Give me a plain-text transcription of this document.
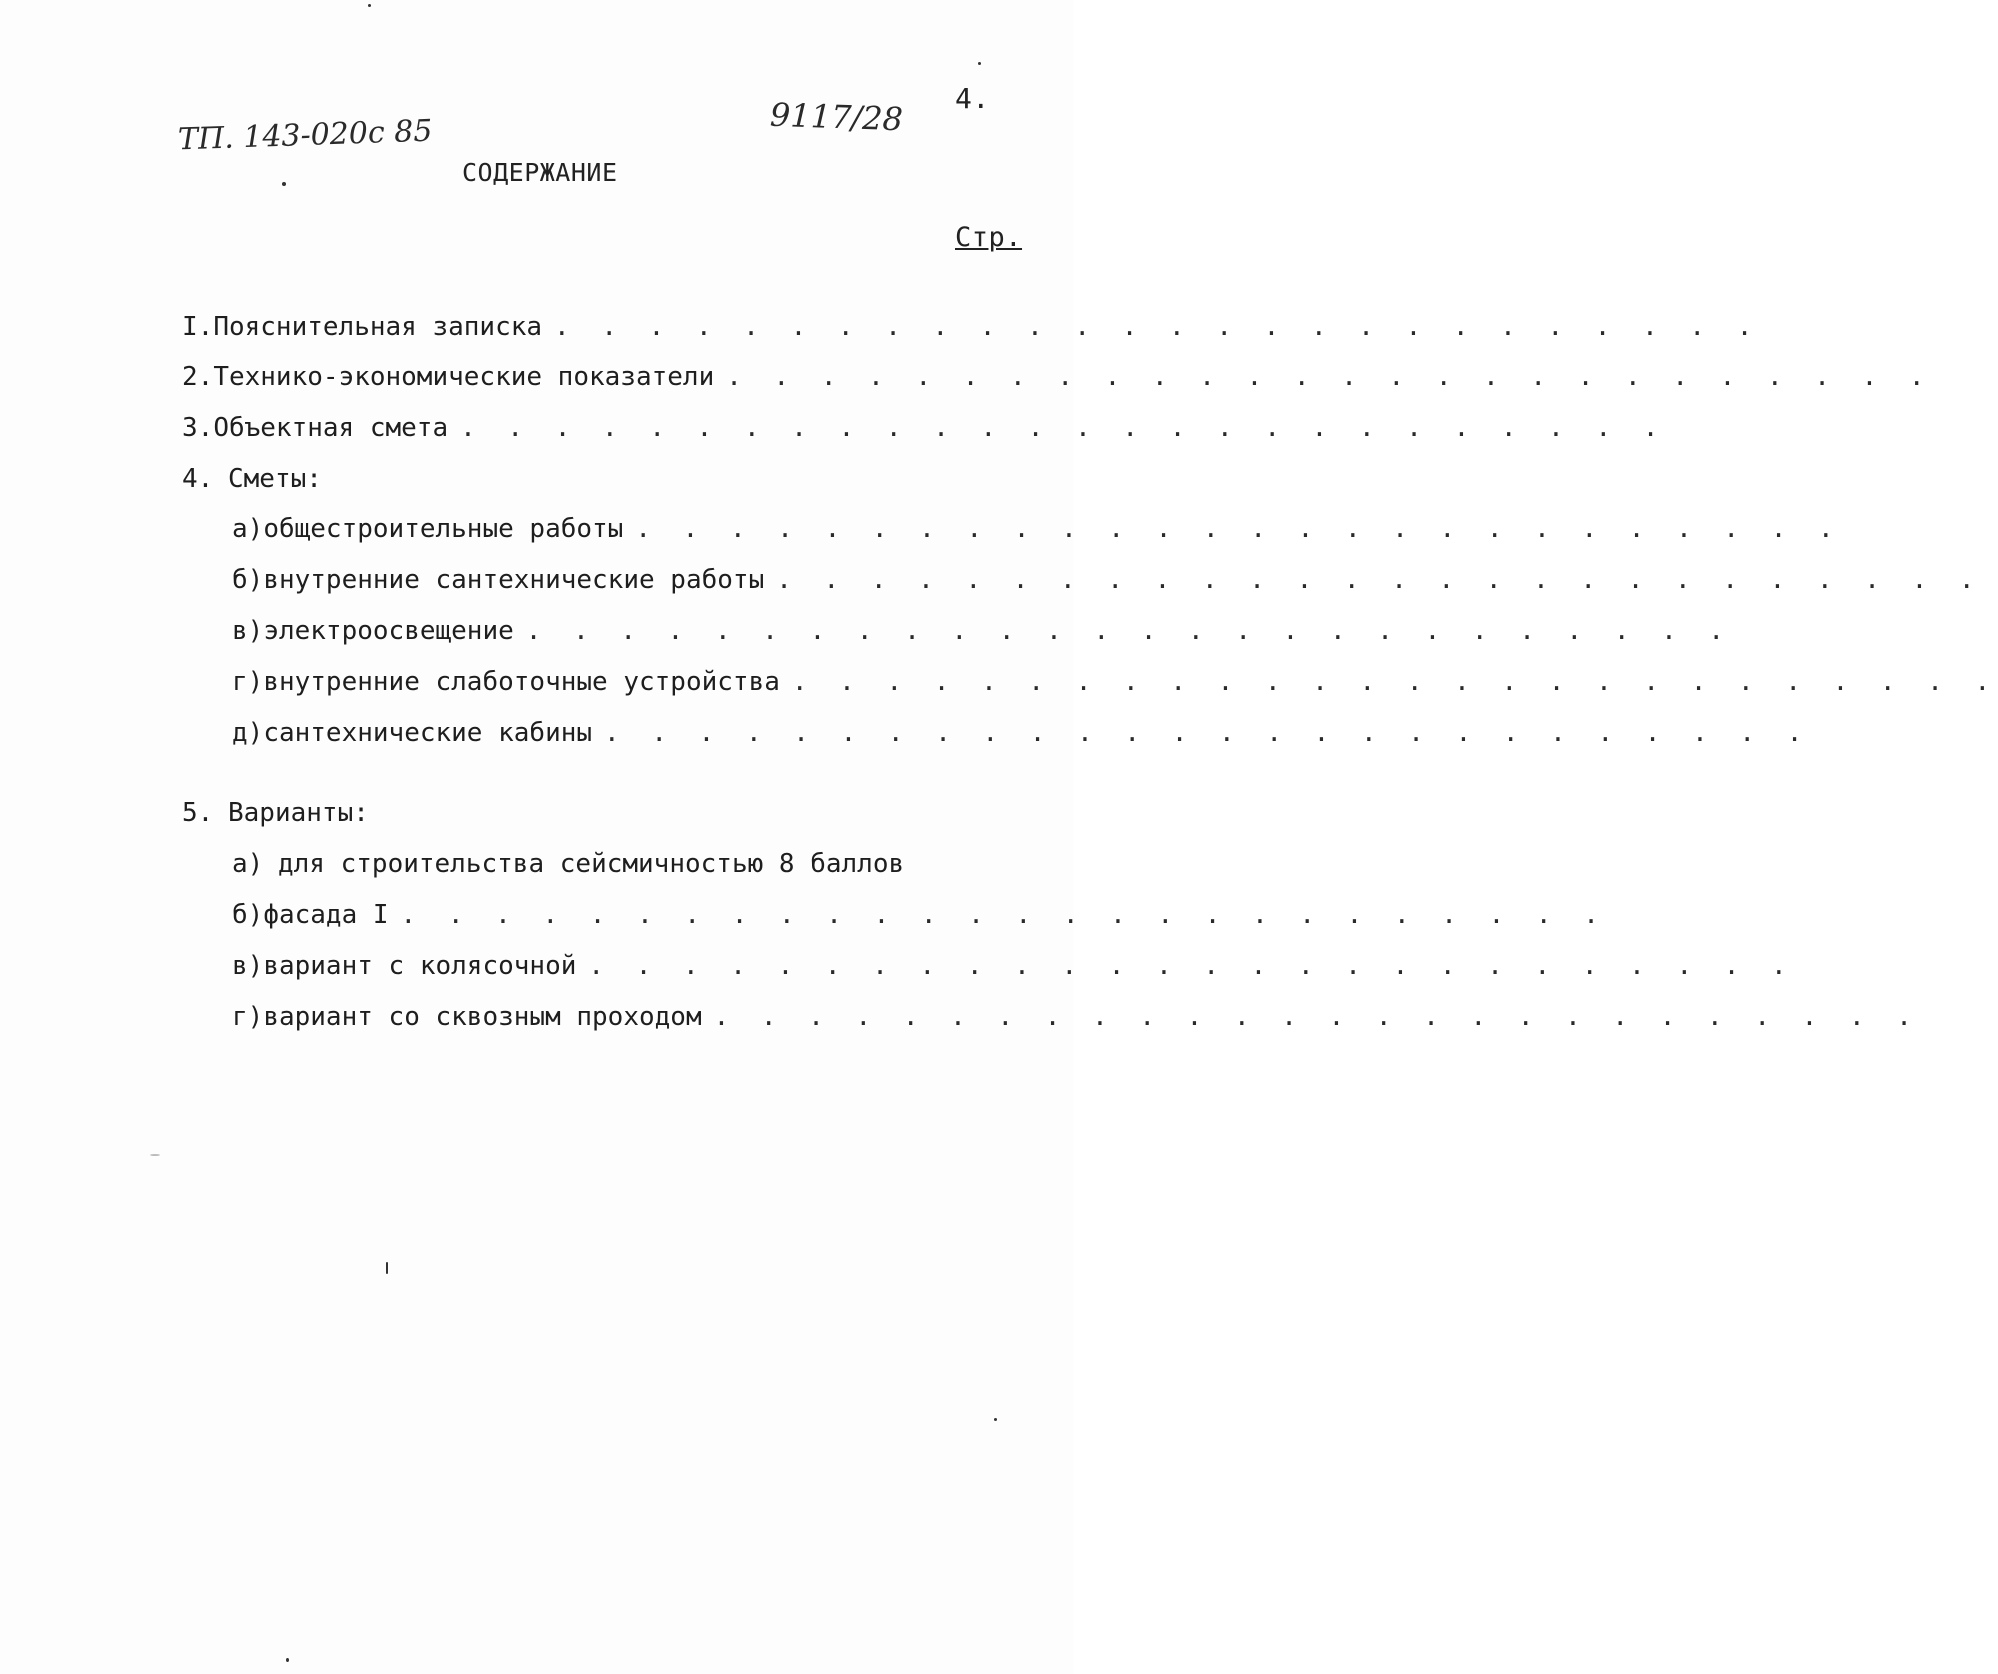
ТП. 143-020с 85	9117/28 4.
СОДЕРЖАНИЕ
Стр.
I. Пояснительная записка . . . . . . . . . . . . . . . . . . . . . . . . . .
2. Технико-экономические показатели . . . . . . . . . . . . . . . . . . . . . . . . . .
3. Объектная смета . . . . . . . . . . . . . . . . . . . . . . . . . .
4. Сметы:
а) общестроительные работы . . . . . . . . . . . . . . . . . . . . . . . . . .
б) внутренние сантехнические работы . . . . . . . . . . . . . . . . . . . . . . . . . .
в) электроосвещение . . . . . . . . . . . . . . . . . . . . . . . . . .
г) внутренние слаботочные устройства . . . . . . . . . . . . . . . . . . . . . . . . . .
д) сантехнические кабины . . . . . . . . . . . . . . . . . . . . . . . . . .
5. Варианты:
а) для строительства сейсмичностью 8 баллов
б) фасада I . . . . . . . . . . . . . . . . . . . . . . . . . .
в) вариант с колясочной . . . . . . . . . . . . . . . . . . . . . . . . . .
г) вариант со сквозным проходом . . . . . . . . . . . . . . . . . . . . . . . . . .
